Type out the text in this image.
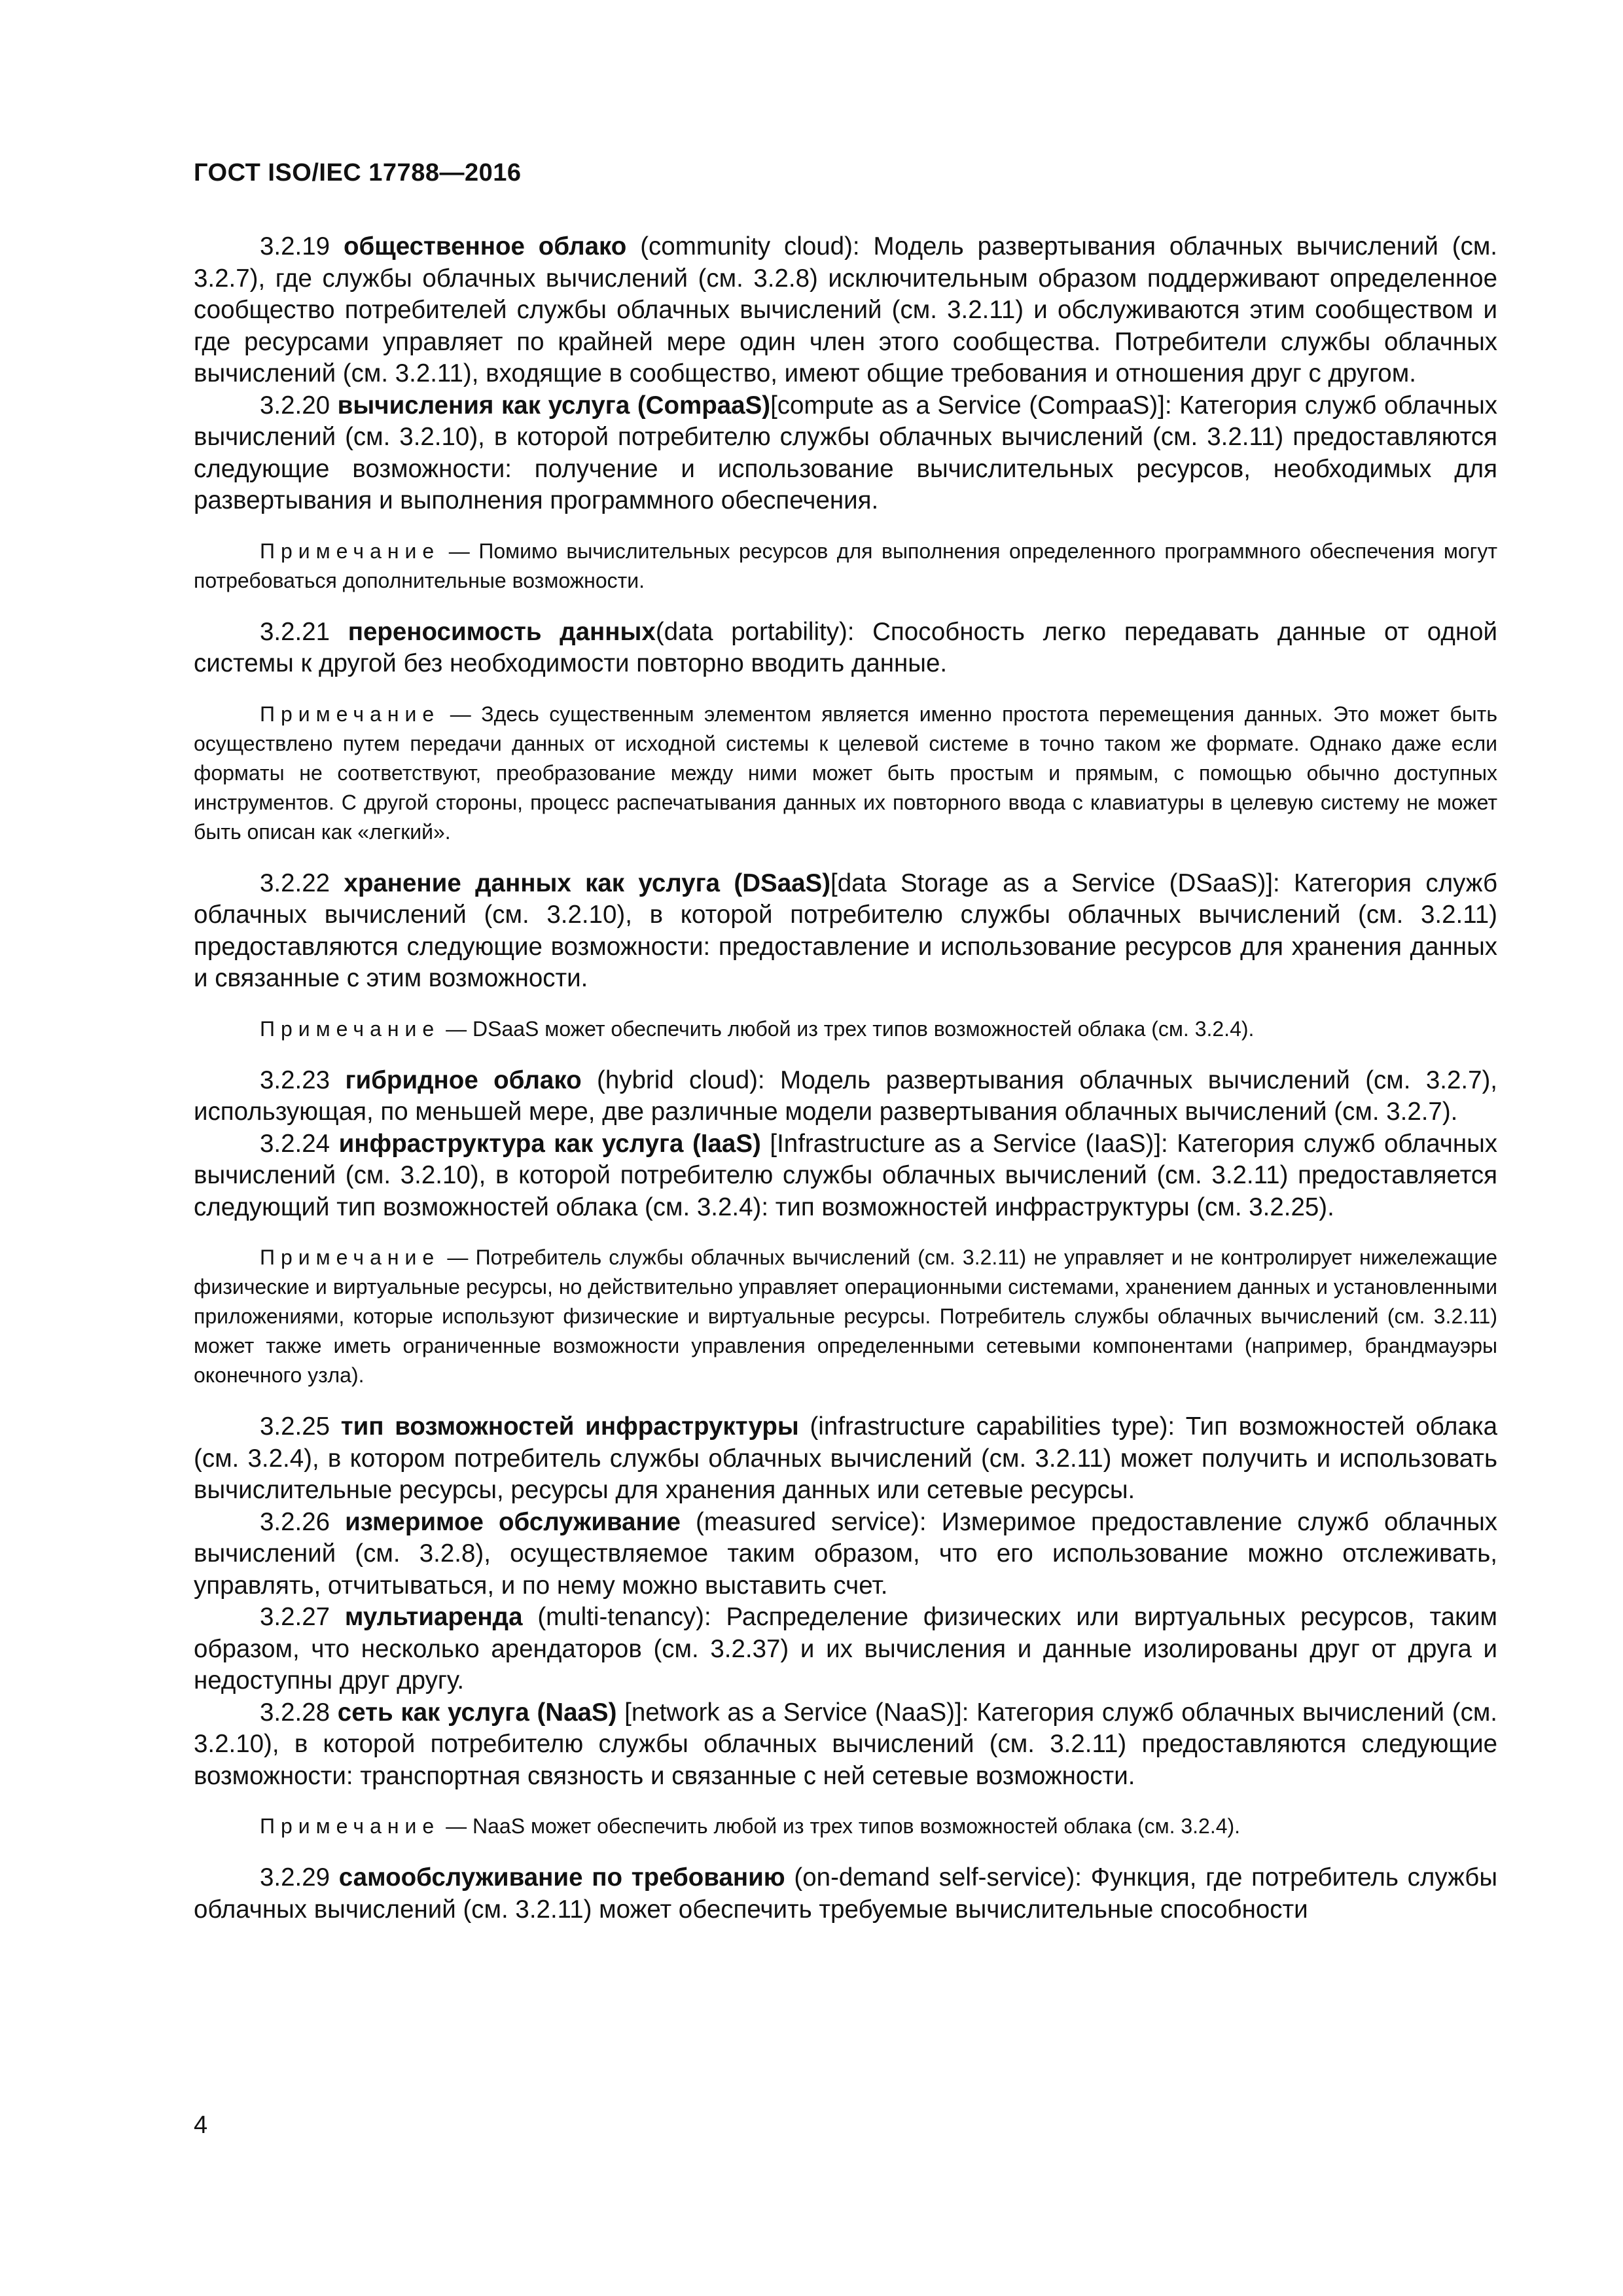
ГОСТ ISO/IEC 17788—2016

3.2.19 общественное облако (community cloud): Модель развертывания облачных вычислений (см. 3.2.7), где службы облачных вычислений (см. 3.2.8) исключительным образом поддерживают определенное сообщество потребителей службы облачных вычислений (см. 3.2.11) и обслуживаются этим сообществом и где ресурсами управляет по крайней мере один член этого сообщества. Потребители службы облачных вычислений (см. 3.2.11), входящие в сообщество, имеют общие требования и отношения друг с другом.

3.2.20 вычисления как услуга (CompaaS)[compute as a Service (CompaaS)]: Категория служб облачных вычислений (см. 3.2.10), в которой потребителю службы облачных вычислений (см. 3.2.11) предоставляются следующие возможности: получение и использование вычислительных ресурсов, необходимых для развертывания и выполнения программного обеспечения.

Примечание — Помимо вычислительных ресурсов для выполнения определенного программного обеспечения могут потребоваться дополнительные возможности.

3.2.21 переносимость данных(data portability): Способность легко передавать данные от одной системы к другой без необходимости повторно вводить данные.

Примечание — Здесь существенным элементом является именно простота перемещения данных. Это может быть осуществлено путем передачи данных от исходной системы к целевой системе в точно таком же формате. Однако даже если форматы не соответствуют, преобразование между ними может быть простым и прямым, с помощью обычно доступных инструментов. С другой стороны, процесс распечатывания данных их повторного ввода с клавиатуры в целевую систему не может быть описан как «легкий».

3.2.22 хранение данных как услуга (DSaaS)[data Storage as a Service (DSaaS)]: Категория служб облачных вычислений (см. 3.2.10), в которой потребителю службы облачных вычислений (см. 3.2.11) предоставляются следующие возможности: предоставление и использование ресурсов для хранения данных и связанные с этим возможности.

Примечание — DSaaS может обеспечить любой из трех типов возможностей облака (см. 3.2.4).

3.2.23 гибридное облако (hybrid cloud): Модель развертывания облачных вычислений (см. 3.2.7), использующая, по меньшей мере, две различные модели развертывания облачных вычислений (см. 3.2.7).

3.2.24 инфраструктура как услуга (IaaS) [Infrastructure as a Service (IaaS)]: Категория служб облачных вычислений (см. 3.2.10), в которой потребителю службы облачных вычислений (см. 3.2.11) предоставляется следующий тип возможностей облака (см. 3.2.4): тип возможностей инфраструктуры (см. 3.2.25).

Примечание — Потребитель службы облачных вычислений (см. 3.2.11) не управляет и не контролирует нижележащие физические и виртуальные ресурсы, но действительно управляет операционными системами, хранением данных и установленными приложениями, которые используют физические и виртуальные ресурсы. Потребитель службы облачных вычислений (см. 3.2.11) может также иметь ограниченные возможности управления определенными сетевыми компонентами (например, брандмауэры оконечного узла).

3.2.25 тип возможностей инфраструктуры (infrastructure capabilities type): Тип возможностей облака (см. 3.2.4), в котором потребитель службы облачных вычислений (см. 3.2.11) может получить и использовать вычислительные ресурсы, ресурсы для хранения данных или сетевые ресурсы.

3.2.26 измеримое обслуживание (measured service): Измеримое предоставление служб облачных вычислений (см. 3.2.8), осуществляемое таким образом, что его использование можно отслеживать, управлять, отчитываться, и по нему можно выставить счет.

3.2.27 мультиаренда (multi-tenancy): Распределение физических или виртуальных ресурсов, таким образом, что несколько арендаторов (см. 3.2.37) и их вычисления и данные изолированы друг от друга и недоступны друг другу.

3.2.28 сеть как услуга (NaaS) [network as a Service (NaaS)]: Категория служб облачных вычислений (см. 3.2.10), в которой потребителю службы облачных вычислений (см. 3.2.11) предоставляются следующие возможности: транспортная связность и связанные с ней сетевые возможности.

Примечание — NaaS может обеспечить любой из трех типов возможностей облака (см. 3.2.4).

3.2.29 самообслуживание по требованию (on-demand self-service): Функция, где потребитель службы облачных вычислений (см. 3.2.11) может обеспечить требуемые вычислительные способности

4
